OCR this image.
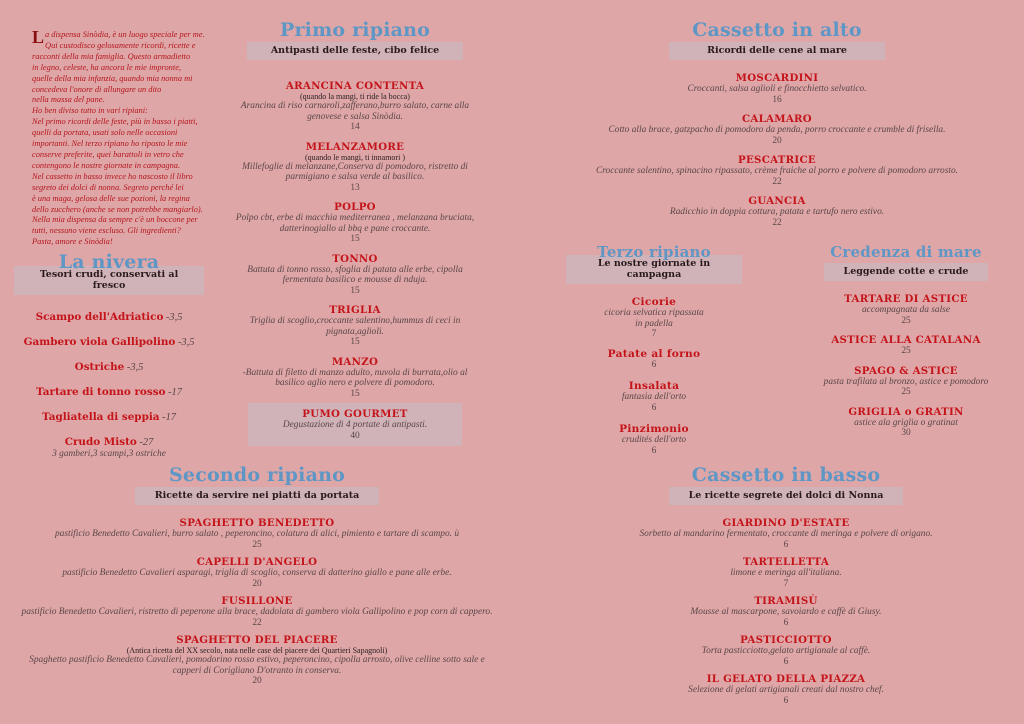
L a dispensa Sinòdia, è un luogo speciale per me.

Qui custodisco gelosamente ricordi, ricette e

racconti della mia famiglia. Questo armadietto

in legno, celeste, ha ancora le mie impronte,

quelle della mia infanzia, quando mia nonna mi

concedeva l'onore di allungare un dito

nella massa del pane.

Ho ben diviso tutto in vari ripiani:

Nel primo ricordi delle feste, più in basso i piatti,

quelli da portata, usati solo nelle occasioni

importanti. Nel terzo ripiano ho riposto le mie

conserve preferite, quei barattoli in vetro che

contengono le nostre giornate in campagna.

Nel cassetto in basso invece ho nascosto il libro

segreto dei dolci di nonna. Segreto perché lei

è una maga, gelosa delle sue pozioni, la regina

dello zucchero (anche se non potrebbe mangiarlo).

Nella mia dispensa da sempre c'è un boccone per

tutti, nessuno viene escluso. Gli ingredienti?

Pasta, amore e Sinòdia!

La nivera
Tesori crudi, conservati al fresco
Scampo dell'Adriatico -3,5
Gambero viola Gallipolino -3,5
Ostriche -3,5
Tartare di tonno rosso -17
Tagliatella di seppia -17
Crudo Misto -27
3 gamberi,3 scampi,3 ostriche
Primo ripiano
Antipasti delle feste, cibo felice
ARANCINA CONTENTA
(quando la mangi, ti ride la bocca)
Arancina di riso carnaroli,zafferano,burro salato, carne alla genovese e salsa Sinòdia.
14
MELANZAMORE
(quando le mangi, ti innamori )
Millefoglie di melanzane,Conserva di pomodoro, ristretto di parmigiano e salsa verde al basilico.
13
POLPO
Polpo cbt, erbe di macchia mediterranea , melanzana bruciata, datterinogiallo al bbq e pane croccante.
15
TONNO
Battuta di tonno rosso, sfoglia di patata alle erbe, cipolla fermentata basilico e mousse di nduja.
15
TRIGLIA
Triglia di scoglio,croccante salentino,hummus di ceci in pignata,aglioli.
15
MANZO
-Battuta di filetto di manzo adulto, nuvola di burrata,olio al basilico aglio nero e polvere di pomodoro.
15
PUMO GOURMET
Degustazione di 4 portate di antipasti.
40
Cassetto in alto
Ricordi delle cene al mare
MOSCARDINI
Croccanti, salsa aglioli e finocchietto selvatico.
16
CALAMARO
Cotto alla brace, gatzpacho di pomodoro da penda, porro croccante e crumble di frisella.
20
PESCATRICE
Croccante salentino, spinacino ripassato, crème fraiche al porro e polvere di pomodoro arrosto.
22
GUANCIA
Radicchio in doppia cottura, patata e tartufo nero estivo.
22
Terzo ripiano
Le nostre giornate in campagna
Cicorie
cicoria selvatica ripassata in padella
7
Patate al forno
6
Insalata
fantasia dell'orto
6
Pinzimonio
crudités dell'orto
6
Credenza di mare
Leggende cotte e crude
TARTARE DI ASTICE
accompagnata da salse
25
ASTICE ALLA CATALANA
25
SPAGO & ASTICE
pasta trafilata al bronzo, astice e pomodoro
25
GRIGLIA o GRATIN
astice ala griglia o gratinat
30
Secondo ripiano
Ricette da servire nei piatti da portata
SPAGHETTO BENEDETTO
pastificio Benedetto Cavalieri, burro salato , peperoncino, colatura di alici, pimiento e tartare di scampo. ù
25
CAPELLI D'ANGELO
pastificio Benedetto Cavalieri asparagi, triglia di scoglio, conserva di datterino giallo e pane alle erbe.
20
FUSILLONE
pastificio Benedetto Cavalieri, ristretto di peperone alla brace, dadolata di gambero viola Gallipolino e pop corn di cappero.
22
SPAGHETTO DEL PIACERE
(Antica ricetta del XX secolo, nata nelle case del piacere dei Quartieri Sapagnoli)
Spaghetto pastificio Benedetto Cavalieri, pomodorino rosso estivo, peperoncino, cipolla arrosto, olive celline sotto sale e capperi di Corigliano D'otranto in conserva.
20
Cassetto in basso
Le ricette segrete dei dolci di Nonna
GIARDINO D'ESTATE
Sorbetto al mandarino fermentato, croccante di meringa e polvere di origano.
6
TARTELLETTA
limone e meringa all'italiana.
7
TIRAMISÙ
Mousse al mascarpone, savoiardo e caffè di Giusy.
6
PASTICCIOTTO
Torta pasticciotto,gelato artigianale al caffè.
6
IL GELATO DELLA PIAZZA
Selezione di gelati artigianali creati dal nostro chef.
6
